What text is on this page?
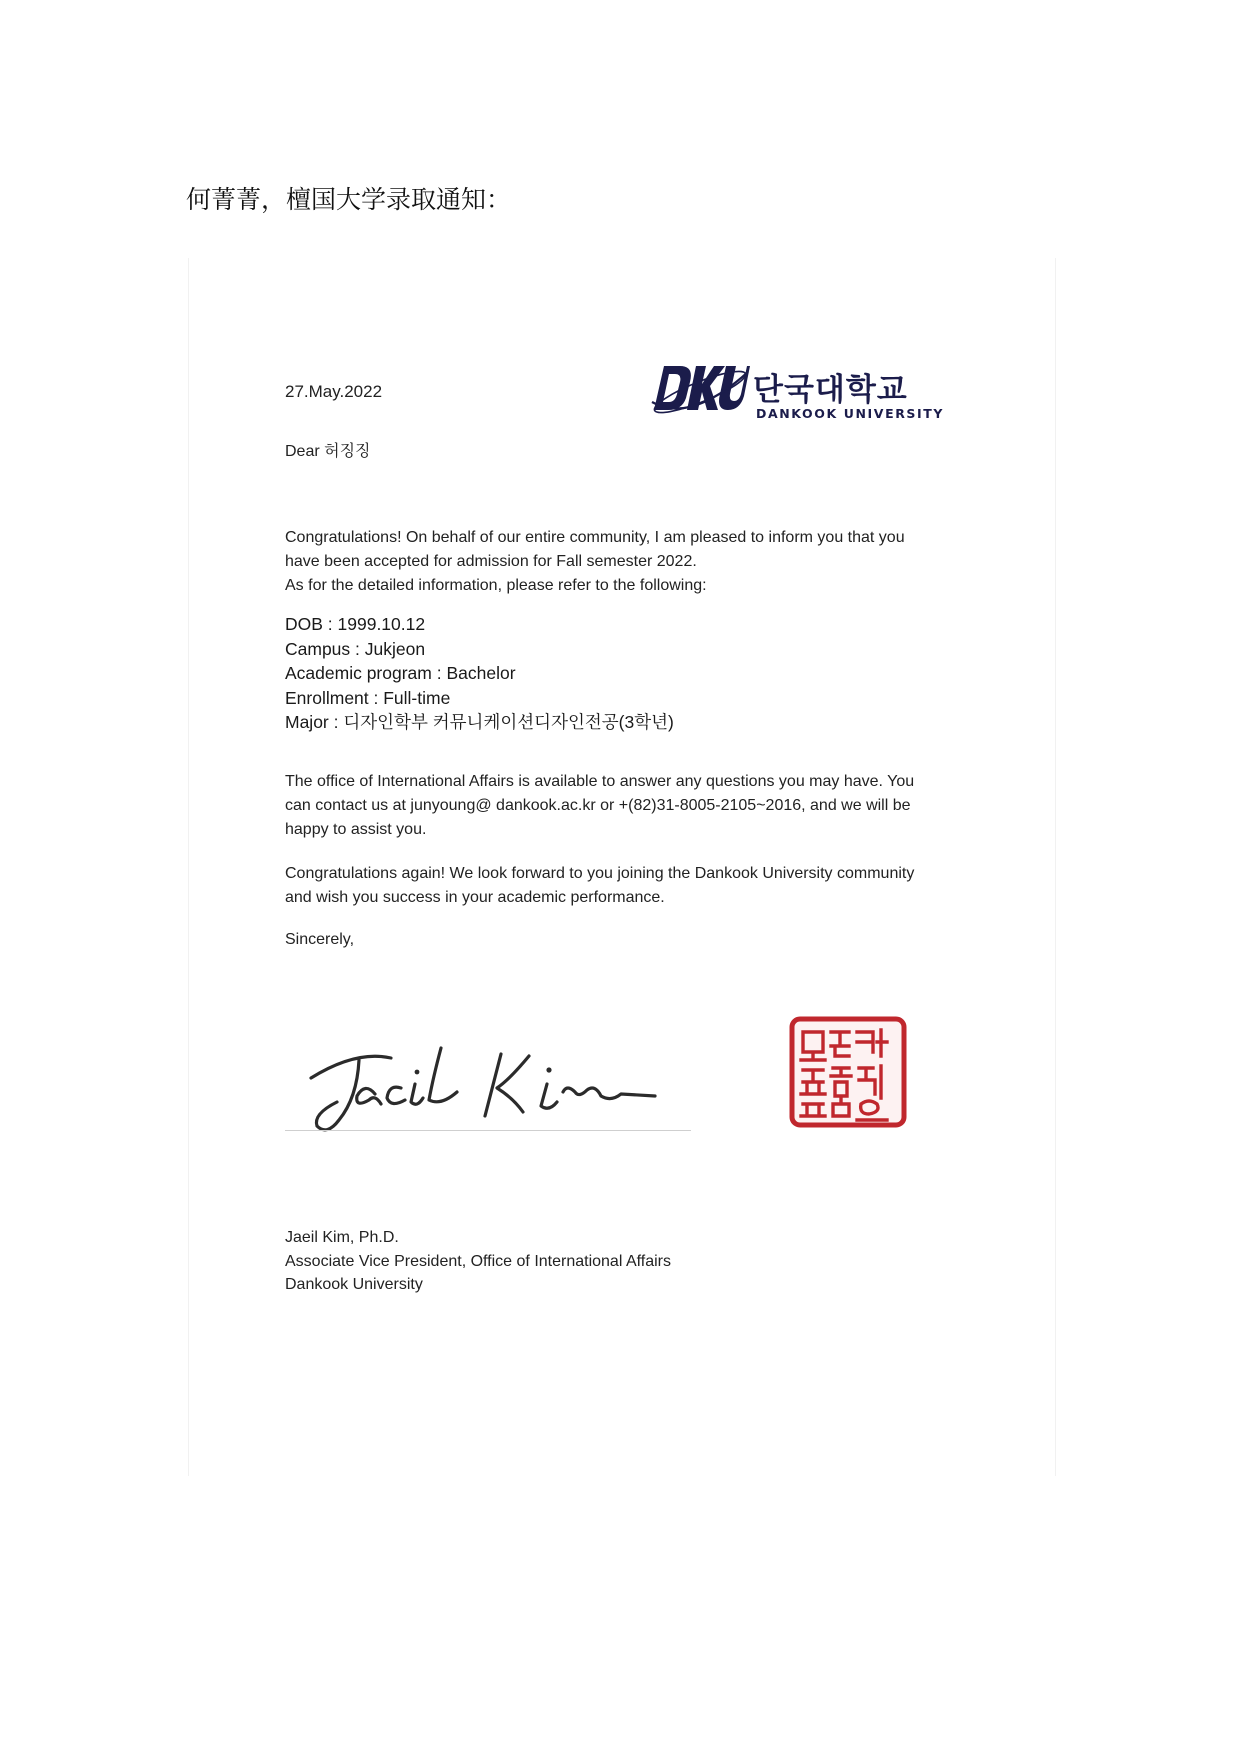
何菁菁，檀国大学录取通知：
27.May.2022	단국대학교
DANKOOK UNIVERSITY
Dear 허징징
Congratulations! On behalf of our entire community, I am pleased to inform you that you
have been accepted for admission for Fall semester 2022.
As for the detailed information, please refer to the following:
DOB : 1999.10.12
Campus : Jukjeon
Academic program : Bachelor
Enrollment : Full-time
Major : 디자인학부 커뮤니케이션디자인전공(3학년)
The office of International Affairs is available to answer any questions you may have. You
can contact us at junyoung@ dankook.ac.kr or +(82)31-8005-2105~2016, and we will be
happy to assist you.
Congratulations again! We look forward to you joining the Dankook University community
and wish you success in your academic performance.
Sincerely,
Jaeil Kim, Ph.D.
Associate Vice President, Office of International Affairs
Dankook University
